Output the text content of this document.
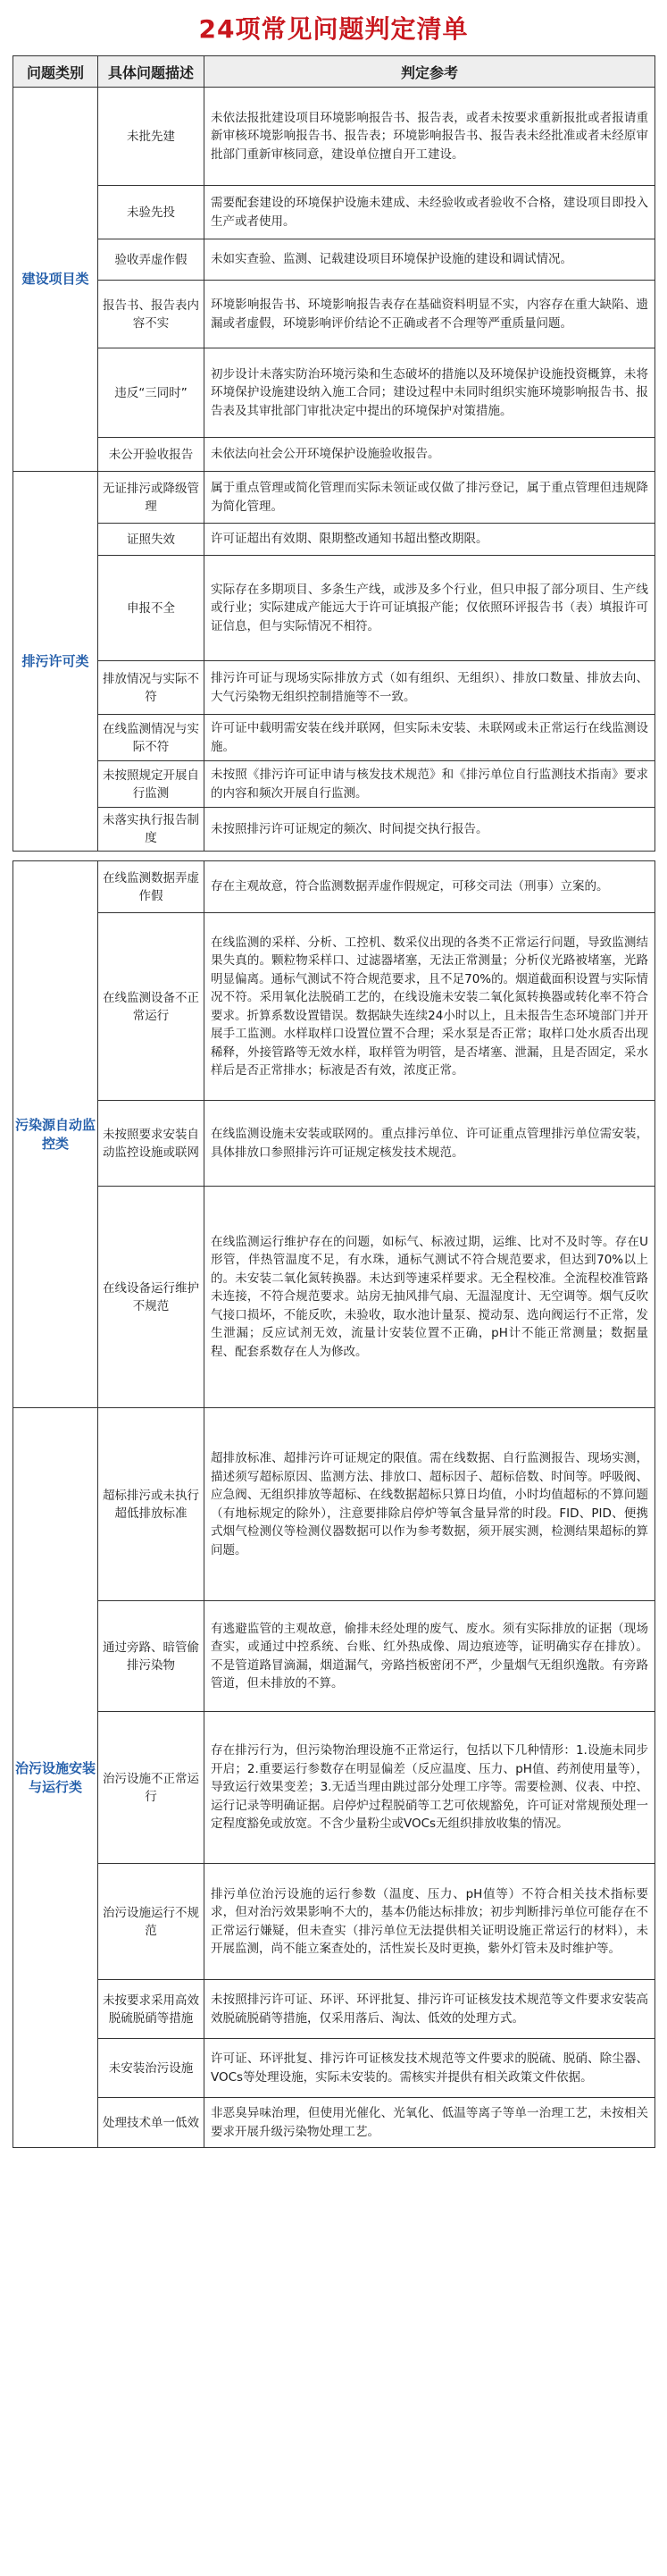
24项常见问题判定清单
问题类别	具体问题描述	判定参考
建设项目类	未批先建	未依法报批建设项目环境影响报告书、报告表，或者未按要求重新报批或者报请重新审核环境影响报告书、报告表；环境影响报告书、报告表未经批准或者未经原审批部门重新审核同意，建设单位擅自开工建设。
	未验先投	需要配套建设的环境保护设施未建成、未经验收或者验收不合格，建设项目即投入生产或者使用。
	验收弄虚作假	未如实查验、监测、记载建设项目环境保护设施的建设和调试情况。
	报告书、报告表内容不实	环境影响报告书、环境影响报告表存在基础资料明显不实，内容存在重大缺陷、遗漏或者虚假，环境影响评价结论不正确或者不合理等严重质量问题。
	违反“三同时”	初步设计未落实防治环境污染和生态破坏的措施以及环境保护设施投资概算，未将环境保护设施建设纳入施工合同；建设过程中未同时组织实施环境影响报告书、报告表及其审批部门审批决定中提出的环境保护对策措施。
	未公开验收报告	未依法向社会公开环境保护设施验收报告。
排污许可类	无证排污或降级管理	属于重点管理或简化管理而实际未领证或仅做了排污登记，属于重点管理但违规降为简化管理。
	证照失效	许可证超出有效期、限期整改通知书超出整改期限。
	申报不全	实际存在多期项目、多条生产线，或涉及多个行业，但只申报了部分项目、生产线或行业；实际建成产能远大于许可证填报产能；仅依照环评报告书（表）填报许可证信息，但与实际情况不相符。
	排放情况与实际不符	排污许可证与现场实际排放方式（如有组织、无组织）、排放口数量、排放去向、大气污染物无组织控制措施等不一致。
	在线监测情况与实际不符	许可证中载明需安装在线并联网，但实际未安装、未联网或未正常运行在线监测设施。
	未按照规定开展自行监测	未按照《排污许可证申请与核发技术规范》和《排污单位自行监测技术指南》要求的内容和频次开展自行监测。
	未落实执行报告制度	未按照排污许可证规定的频次、时间提交执行报告。

污染源自动监控类	在线监测数据弄虚作假	存在主观故意，符合监测数据弄虚作假规定，可移交司法（刑事）立案的。
	在线监测设备不正常运行	在线监测的采样、分析、工控机、数采仪出现的各类不正常运行问题，导致监测结果失真的。颗粒物采样口、过滤器堵塞，无法正常测量；分析仪光路被堵塞，光路明显偏离。通标气测试不符合规范要求，且不足70%的。烟道截面积设置与实际情况不符。采用氧化法脱硝工艺的，在线设施未安装二氧化氮转换器或转化率不符合要求。折算系数设置错误。数据缺失连续24小时以上，且未报告生态环境部门并开展手工监测。水样取样口设置位置不合理；采水泵是否正常；取样口处水质否出现稀释，外接管路等无效水样，取样管为明管，是否堵塞、泄漏，且是否固定，采水样后是否正常排水；标液是否有效，浓度正常。
	未按照要求安装自动监控设施或联网	在线监测设施未安装或联网的。重点排污单位、许可证重点管理排污单位需安装，具体排放口参照排污许可证规定核发技术规范。
	在线设备运行维护不规范	在线监测运行维护存在的问题，如标气、标液过期，运维、比对不及时等。存在U形管，伴热管温度不足，有水珠，通标气测试不符合规范要求，但达到70%以上的。未安装二氧化氮转换器。未达到等速采样要求。无全程校准。全流程校准管路未连接，不符合规范要求。站房无抽风排气扇、无温湿度计、无空调等。烟气反吹气接口损坏，不能反吹，未验收，取水池计量泵、搅动泵、选向阀运行不正常，发生泄漏；反应试剂无效，流量计安装位置不正确，pH计不能正常测量；数据量程、配套系数存在人为修改。
治污设施安装与运行类	超标排污或未执行超低排放标准	超排放标准、超排污许可证规定的限值。需在线数据、自行监测报告、现场实测，描述须写超标原因、监测方法、排放口、超标因子、超标倍数、时间等。呼吸阀、应急阀、无组织排放等超标、在线数据超标只算日均值，小时均值超标的不算问题（有地标规定的除外），注意要排除启停炉等氧含量异常的时段。FID、PID、便携式烟气检测仪等检测仪器数据可以作为参考数据，须开展实测，检测结果超标的算问题。
	通过旁路、暗管偷排污染物	有逃避监管的主观故意，偷排未经处理的废气、废水。须有实际排放的证据（现场查实，或通过中控系统、台账、红外热成像、周边痕迹等，证明确实存在排放）。不是管道路冒滴漏，烟道漏气，旁路挡板密闭不严，少量烟气无组织逸散。有旁路管道，但未排放的不算。
	治污设施不正常运行	存在排污行为，但污染物治理设施不正常运行，包括以下几种情形：1.设施未同步开启；2.重要运行参数存在明显偏差（反应温度、压力、pH值、药剂使用量等），导致运行效果变差；3.无适当理由跳过部分处理工序等。需要检测、仪表、中控、运行记录等明确证据。启停炉过程脱硝等工艺可依规豁免，许可证对常规预处理一定程度豁免或放宽。不含少量粉尘或VOCs无组织排放收集的情况。
	治污设施运行不规范	排污单位治污设施的运行参数（温度、压力、pH值等）不符合相关技术指标要求，但对治污效果影响不大的，基本仍能达标排放；初步判断排污单位可能存在不正常运行嫌疑，但未查实（排污单位无法提供相关证明设施正常运行的材料），未开展监测，尚不能立案查处的，活性炭长及时更换，紫外灯管未及时维护等。
	未按要求采用高效脱硫脱硝等措施	未按照排污许可证、环评、环评批复、排污许可证核发技术规范等文件要求安装高效脱硫脱硝等措施，仅采用落后、淘汰、低效的处理方式。
	未安装治污设施	许可证、环评批复、排污许可证核发技术规范等文件要求的脱硫、脱硝、除尘器、VOCs等处理设施，实际未安装的。需核实并提供有相关政策文件依据。
	处理技术单一低效	非恶臭异味治理，但使用光催化、光氧化、低温等离子等单一治理工艺，未按相关要求开展升级污染物处理工艺。
